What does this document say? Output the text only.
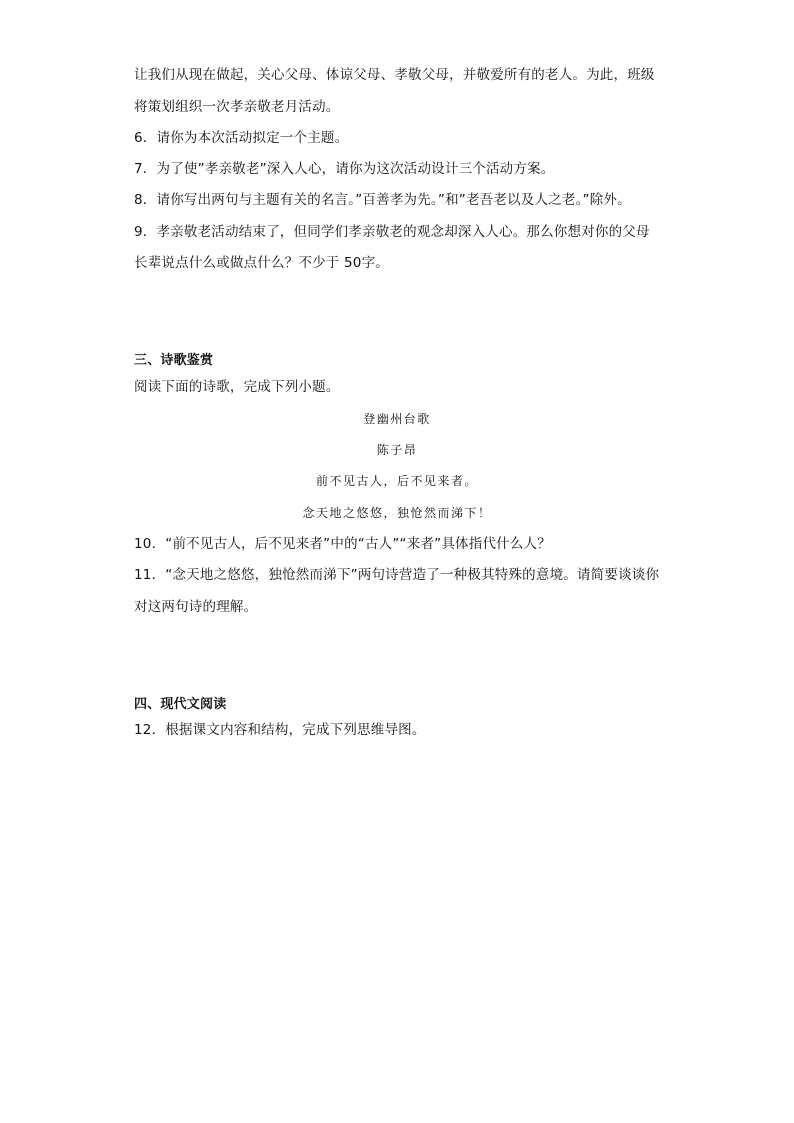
让我们从现在做起，关心父母、体谅父母、孝敬父母，并敬爱所有的老人。为此，班级
将策划组织一次孝亲敬老月活动。
6．请你为本次活动拟定一个主题。
7．为了使”孝亲敬老”深入人心，请你为这次活动设计三个活动方案。
8．请你写出两句与主题有关的名言。”百善孝为先。”和”老吾老以及人之老。”除外。
9．孝亲敬老活动结束了，但同学们孝亲敬老的观念却深入人心。那么你想对你的父母
长辈说点什么或做点什么？不少于 50字。
三、诗歌鉴赏
阅读下面的诗歌，完成下列小题。
登幽州台歌
陈子昂
前不见古人，后不见来者。
念天地之悠悠，独怆然而涕下！
10．“前不见古人，后不见来者”中的“古人”“来者”具体指代什么人？
11．“念天地之悠悠，独怆然而涕下”两句诗营造了一种极其特殊的意境。请简要谈谈你
对这两句诗的理解。
四、现代文阅读
12．根据课文内容和结构，完成下列思维导图。
